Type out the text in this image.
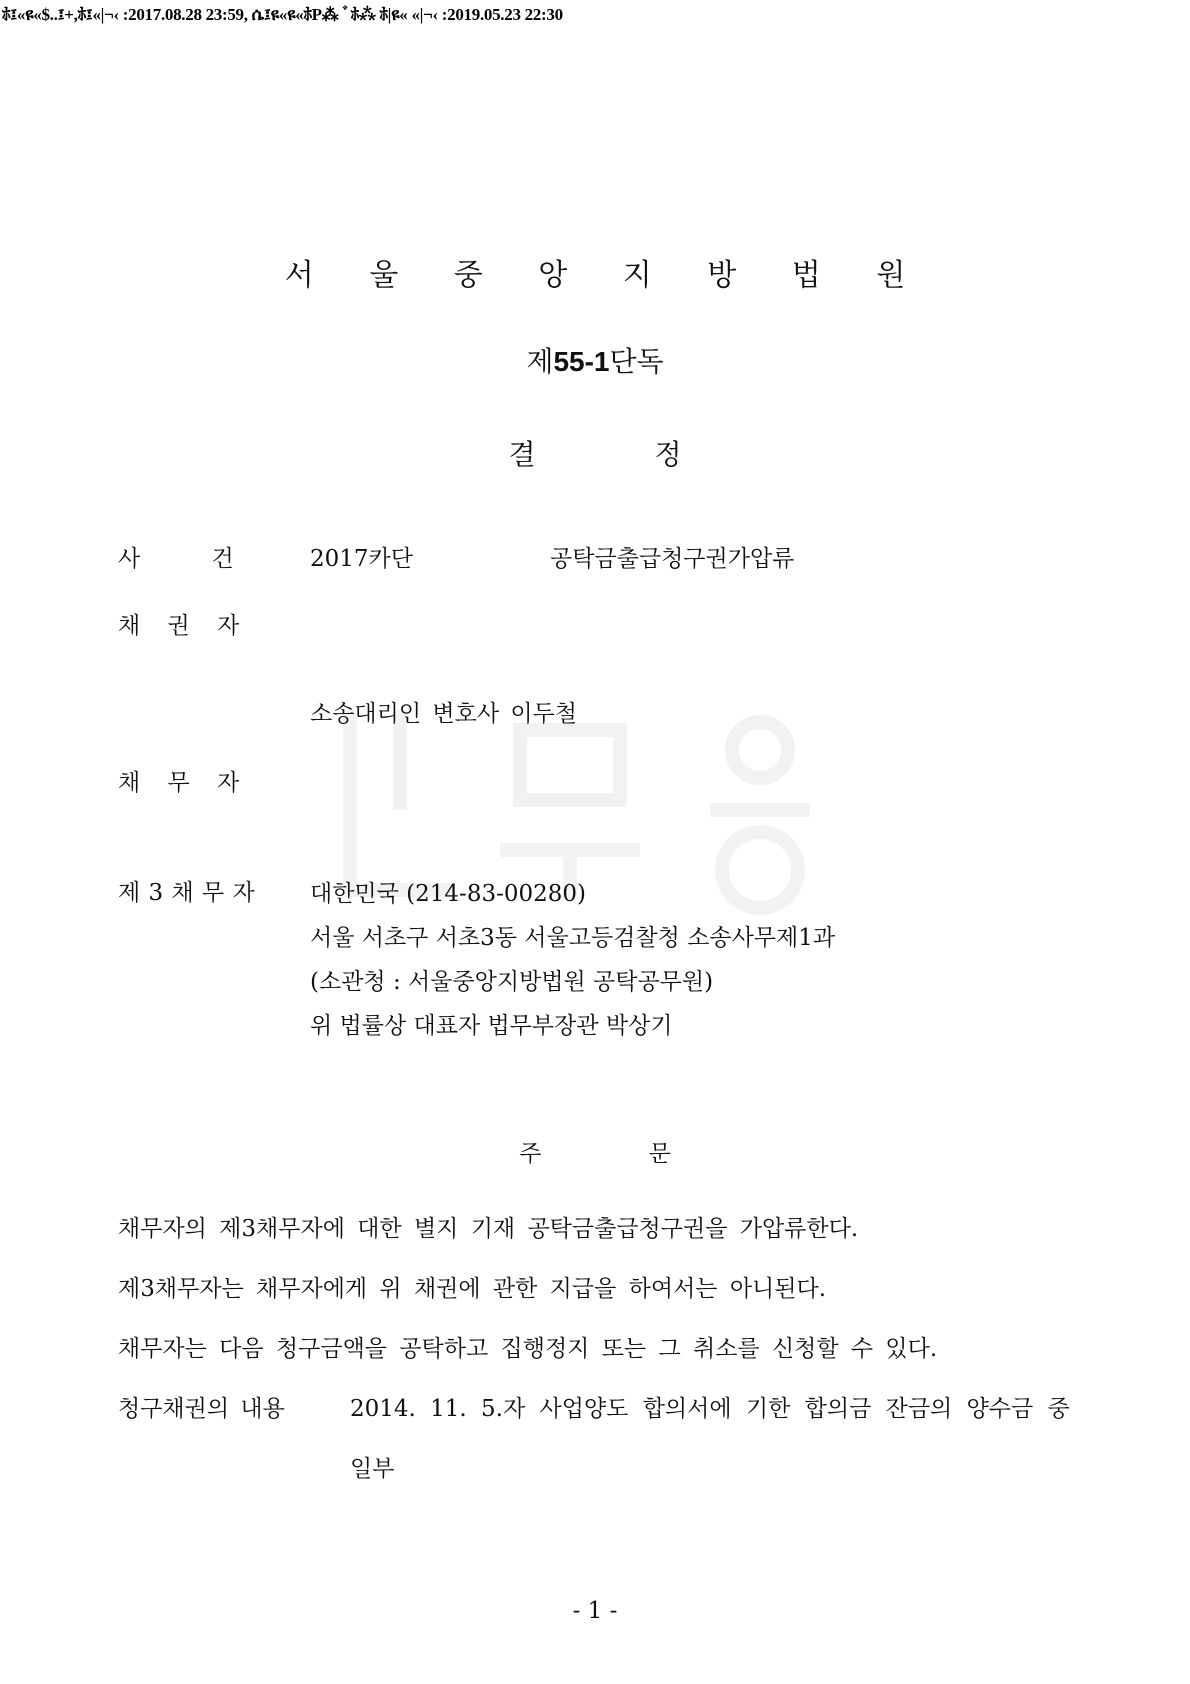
ﾎ፤«ዩ«$..፤+,ﾎ፤«|¬‹ :2017.08.28 23:59, ሴ፤ዩ«ዩ«ﾎP⁂ ﾞﾎ⁂ ﾎ|ዩ« «|¬‹ :2019.05.23 22:30
서 울 중 앙 지 방 법 원
제55-1단독
결 정
사 건	2017카단	공탁금출급청구권가압류
채 권 자
소송대리인 변호사 이두철
채 무 자
제 3 채 무 자 대한민국 (214-83-00280)
서울 서초구 서초3동 서울고등검찰청 소송사무제1과
(소관청 : 서울중앙지방법원 공탁공무원)
위 법률상 대표자 법무부장관 박상기
주 문
채무자의 제3채무자에 대한 별지 기재 공탁금출급청구권을 가압류한다.
제3채무자는 채무자에게 위 채권에 관한 지급을 하여서는 아니된다.
채무자는 다음 청구금액을 공탁하고 집행정지 또는 그 취소를 신청할 수 있다.
청구채권의 내용	2014. 11. 5.자 사업양도 합의서에 기한 합의금 잔금의 양수금 중
일부
- 1 -
